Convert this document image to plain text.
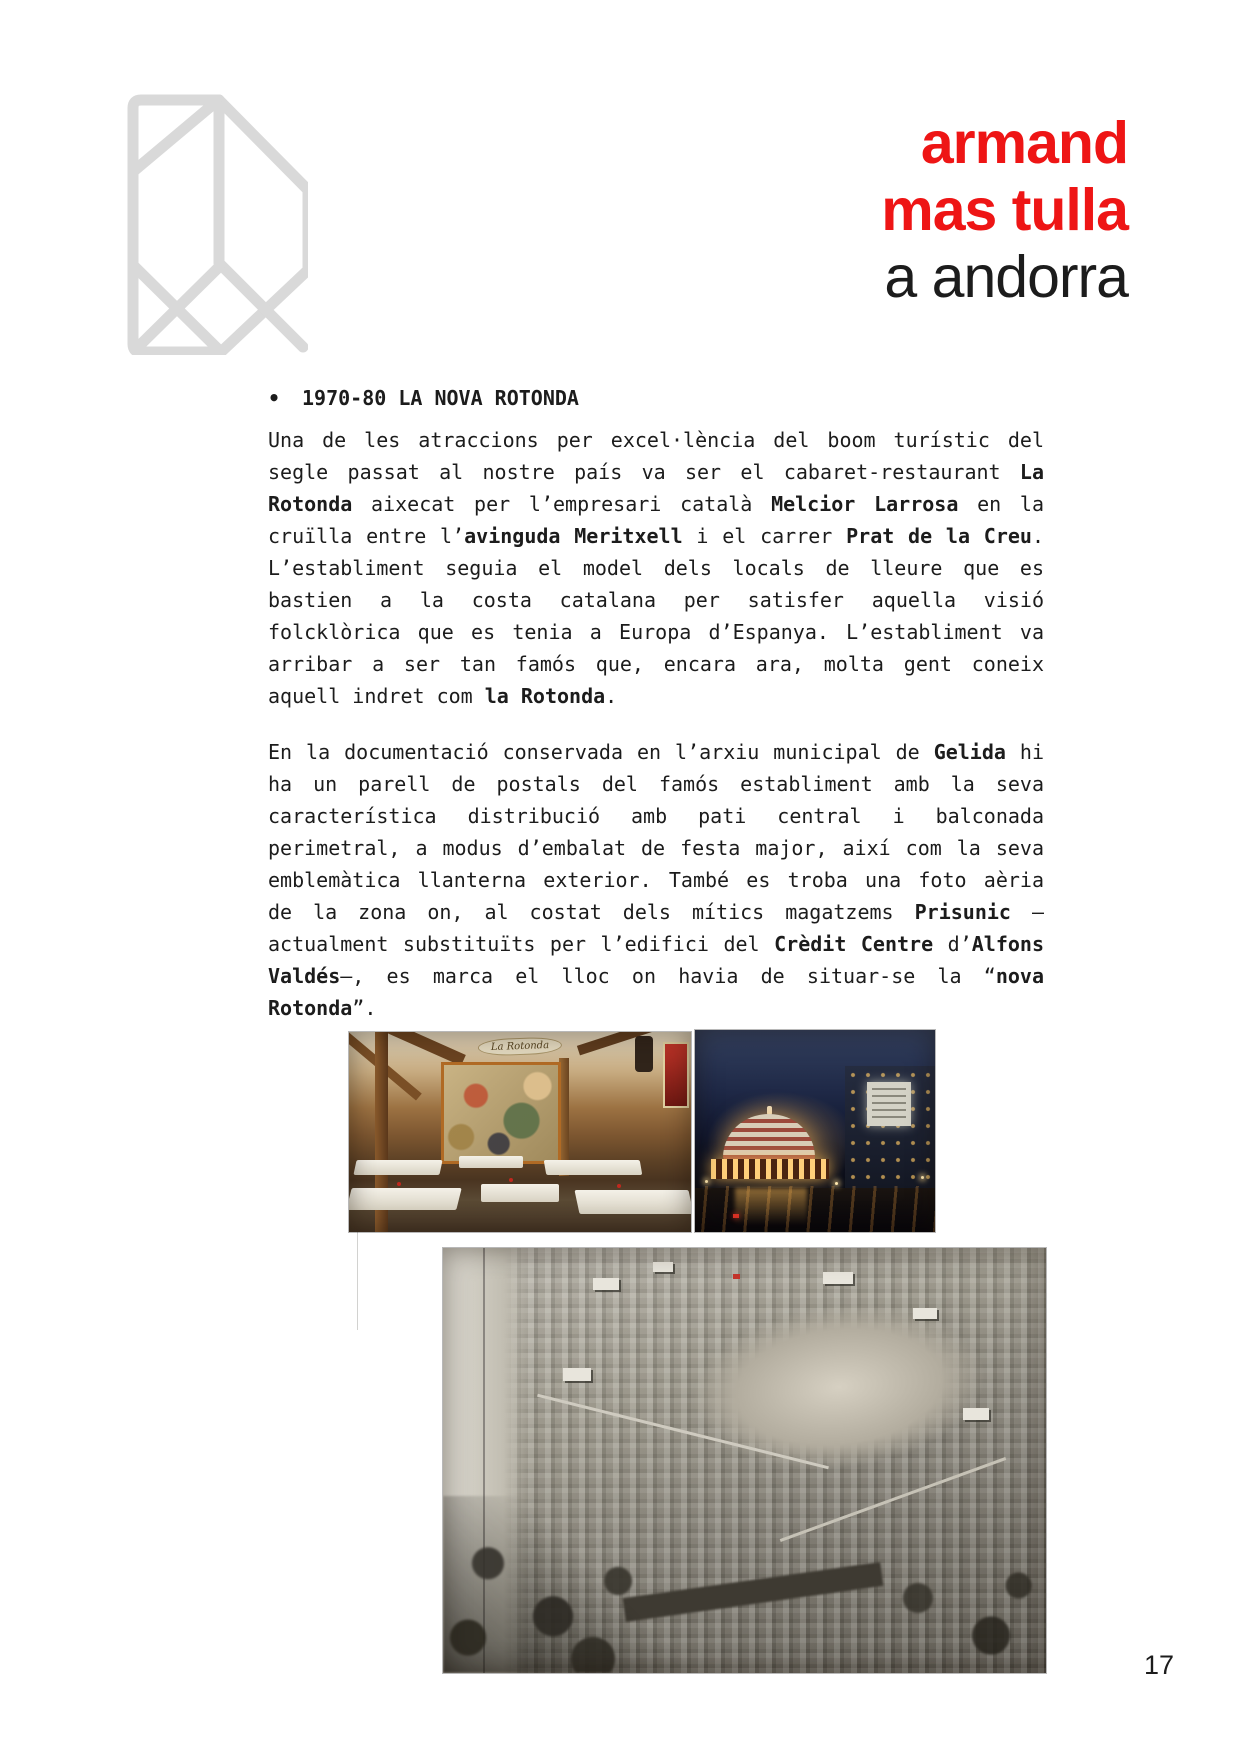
armand
mas tulla
a andorra
• 1970-80 LA NOVA ROTONDA
Una de les atraccions per excel·lència del boom turístic del
segle passat al nostre país va ser el cabaret-restaurant La
Rotonda aixecat per l’empresari català Melcior Larrosa en la
cruïlla entre l’avinguda Meritxell i el carrer Prat de la Creu.
L’establiment seguia el model dels locals de lleure que es
bastien a la costa catalana per satisfer aquella visió
folcklòrica que es tenia a Europa d’Espanya. L’establiment va
arribar a ser tan famós que, encara ara, molta gent coneix
aquell indret com la Rotonda.
En la documentació conservada en l’arxiu municipal de Gelida hi
ha un parell de postals del famós establiment amb la seva
característica distribució amb pati central i balconada
perimetral, a modus d’embalat de festa major, així com la seva
emblemàtica llanterna exterior. També es troba una foto aèria
de la zona on, al costat dels mítics magatzems Prisunic –
actualment substituïts per l’edifici del Crèdit Centre d’Alfons
Valdés–, es marca el lloc on havia de situar-se la “nova
Rotonda”.
La Rotonda
17
